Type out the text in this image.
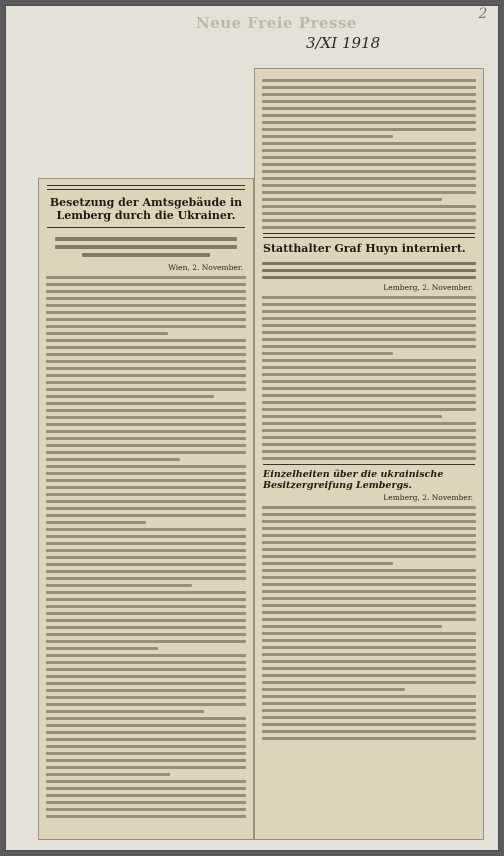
Neue Freie Presse
3/XI 1918
2
Besetzung der Amtsgebäude in Lemberg durch die Ukrainer.
Wien, 2. November.
Statthalter Graf Huyn interniert.
Lemberg, 2. November.
Einzelheiten über die ukrainische Besitzergreifung Lembergs.
Lemberg, 2. November.
